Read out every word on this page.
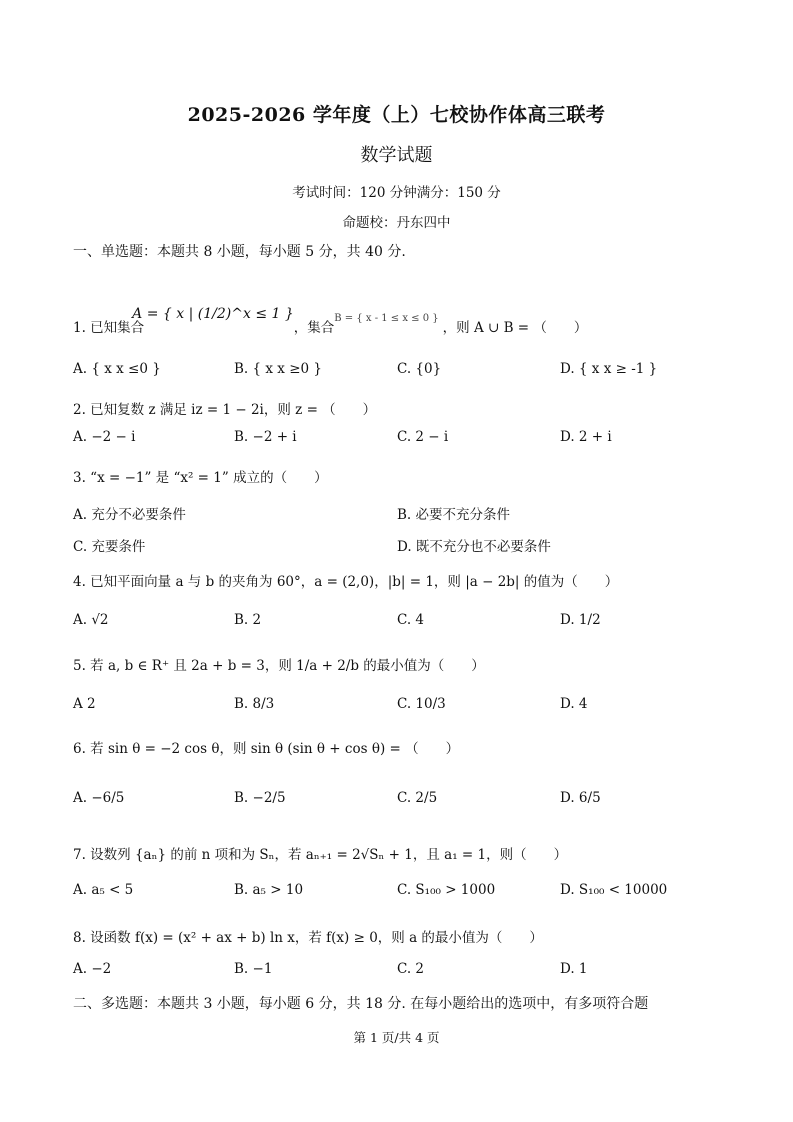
2025-2026 学年度（上）七校协作体高三联考
数学试题
考试时间：120 分钟满分：150 分
命题校：丹东四中
一、单选题：本题共 8 小题，每小题 5 分，共 40 分.
1. 已知集合
A = { x | (1/2)^x ≤ 1 }
，集合
B = { x - 1 ≤ x ≤ 0 }
，则 A ∪ B = （　　）
A. { x x ≤0 }	B. { x x ≥0 }	C. {0}	D. { x x ≥ -1 }
2. 已知复数 z 满足 iz = 1 − 2i，则 z = （　　）
A. −2 − i	B. −2 + i	C. 2 − i	D. 2 + i
3. “x = −1” 是 “x² = 1” 成立的（　　）
A. 充分不必要条件	B. 必要不充分条件
C. 充要条件	D. 既不充分也不必要条件
4. 已知平面向量 a 与 b 的夹角为 60°，a = (2,0)，|b| = 1，则 |a − 2b| 的值为（　　）
A. √2	B. 2	C. 4	D. 1/2
5. 若 a, b ∈ R⁺ 且 2a + b = 3，则 1/a + 2/b 的最小值为（　　）
A 2	B. 8/3	C. 10/3	D. 4
6. 若 sin θ = −2 cos θ，则 sin θ (sin θ + cos θ) = （　　）
A. −6/5	B. −2/5	C. 2/5	D. 6/5
7. 设数列 {aₙ} 的前 n 项和为 Sₙ，若 aₙ₊₁ = 2√Sₙ + 1，且 a₁ = 1，则（　　）
A. a₅ < 5	B. a₅ > 10	C. S₁₀₀ > 1000	D. S₁₀₀ < 10000
8. 设函数 f(x) = (x² + ax + b) ln x，若 f(x) ≥ 0，则 a 的最小值为（　　）
A. −2	B. −1	C. 2	D. 1
二、多选题：本题共 3 小题，每小题 6 分，共 18 分. 在每小题给出的选项中，有多项符合题
第 1 页/共 4 页
